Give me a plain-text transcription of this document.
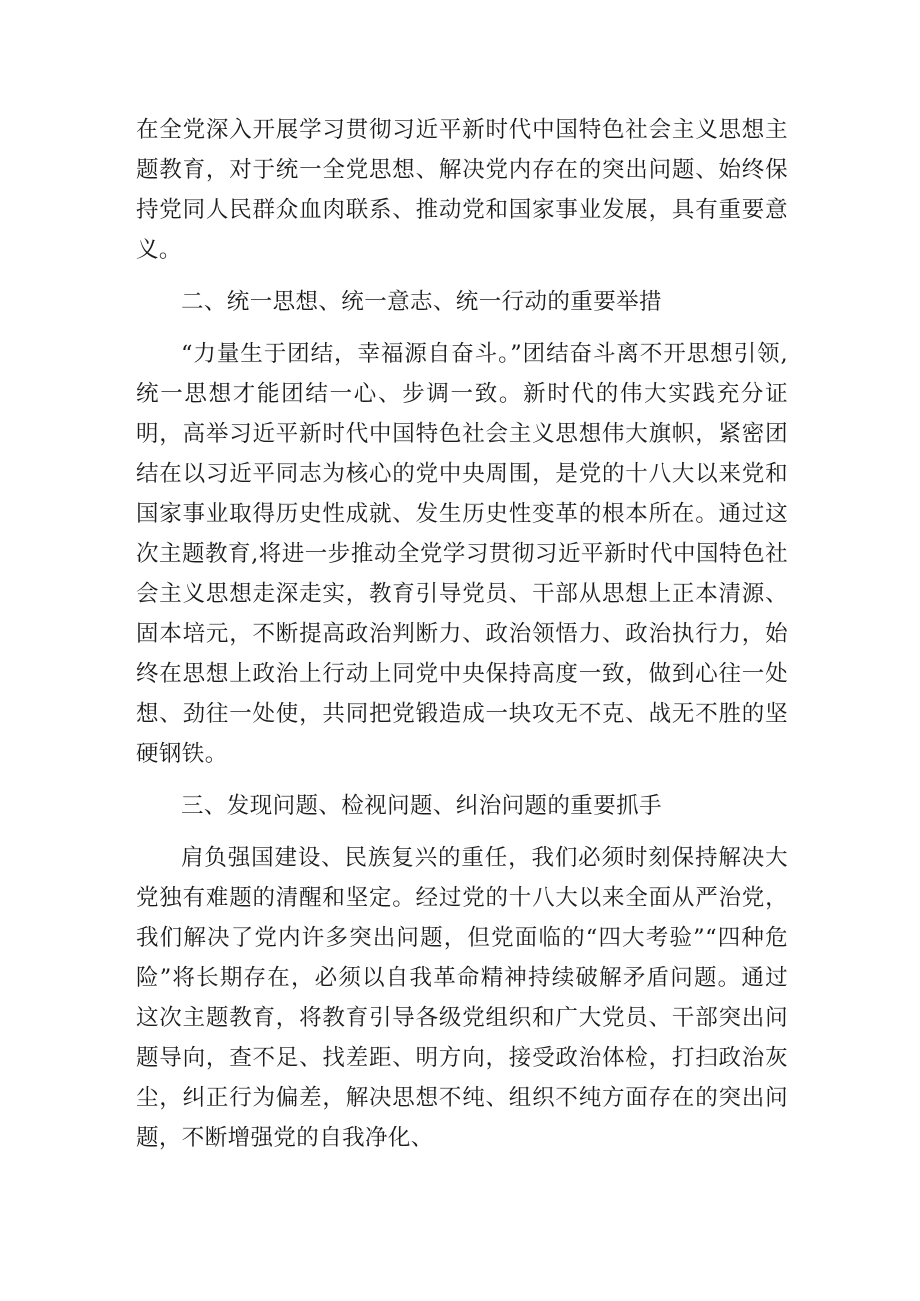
在全党深入开展学习贯彻习近平新时代中国特色社会主义思想主题教育，对于统一全党思想、解决党内存在的突出问题、始终保持党同人民群众血肉联系、推动党和国家事业发展，具有重要意义。

二、统一思想、统一意志、统一行动的重要举措

“力量生于团结，幸福源自奋斗。”团结奋斗离不开思想引领,统一思想才能团结一心、步调一致。新时代的伟大实践充分证明，高举习近平新时代中国特色社会主义思想伟大旗帜，紧密团结在以习近平同志为核心的党中央周围，是党的十八大以来党和国家事业取得历史性成就、发生历史性变革的根本所在。通过这次主题教育,将进一步推动全党学习贯彻习近平新时代中国特色社会主义思想走深走实，教育引导党员、干部从思想上正本清源、固本培元，不断提高政治判断力、政治领悟力、政治执行力，始终在思想上政治上行动上同党中央保持高度一致，做到心往一处想、劲往一处使，共同把党锻造成一块攻无不克、战无不胜的坚硬钢铁。

三、发现问题、检视问题、纠治问题的重要抓手

肩负强国建设、民族复兴的重任，我们必须时刻保持解决大党独有难题的清醒和坚定。经过党的十八大以来全面从严治党，我们解决了党内许多突出问题，但党面临的“四大考验”“四种危险”将长期存在，必须以自我革命精神持续破解矛盾问题。通过这次主题教育，将教育引导各级党组织和广大党员、干部突出问题导向，查不足、找差距、明方向，接受政治体检，打扫政治灰尘，纠正行为偏差，解决思想不纯、组织不纯方面存在的突出问题，不断增强党的自我净化、
